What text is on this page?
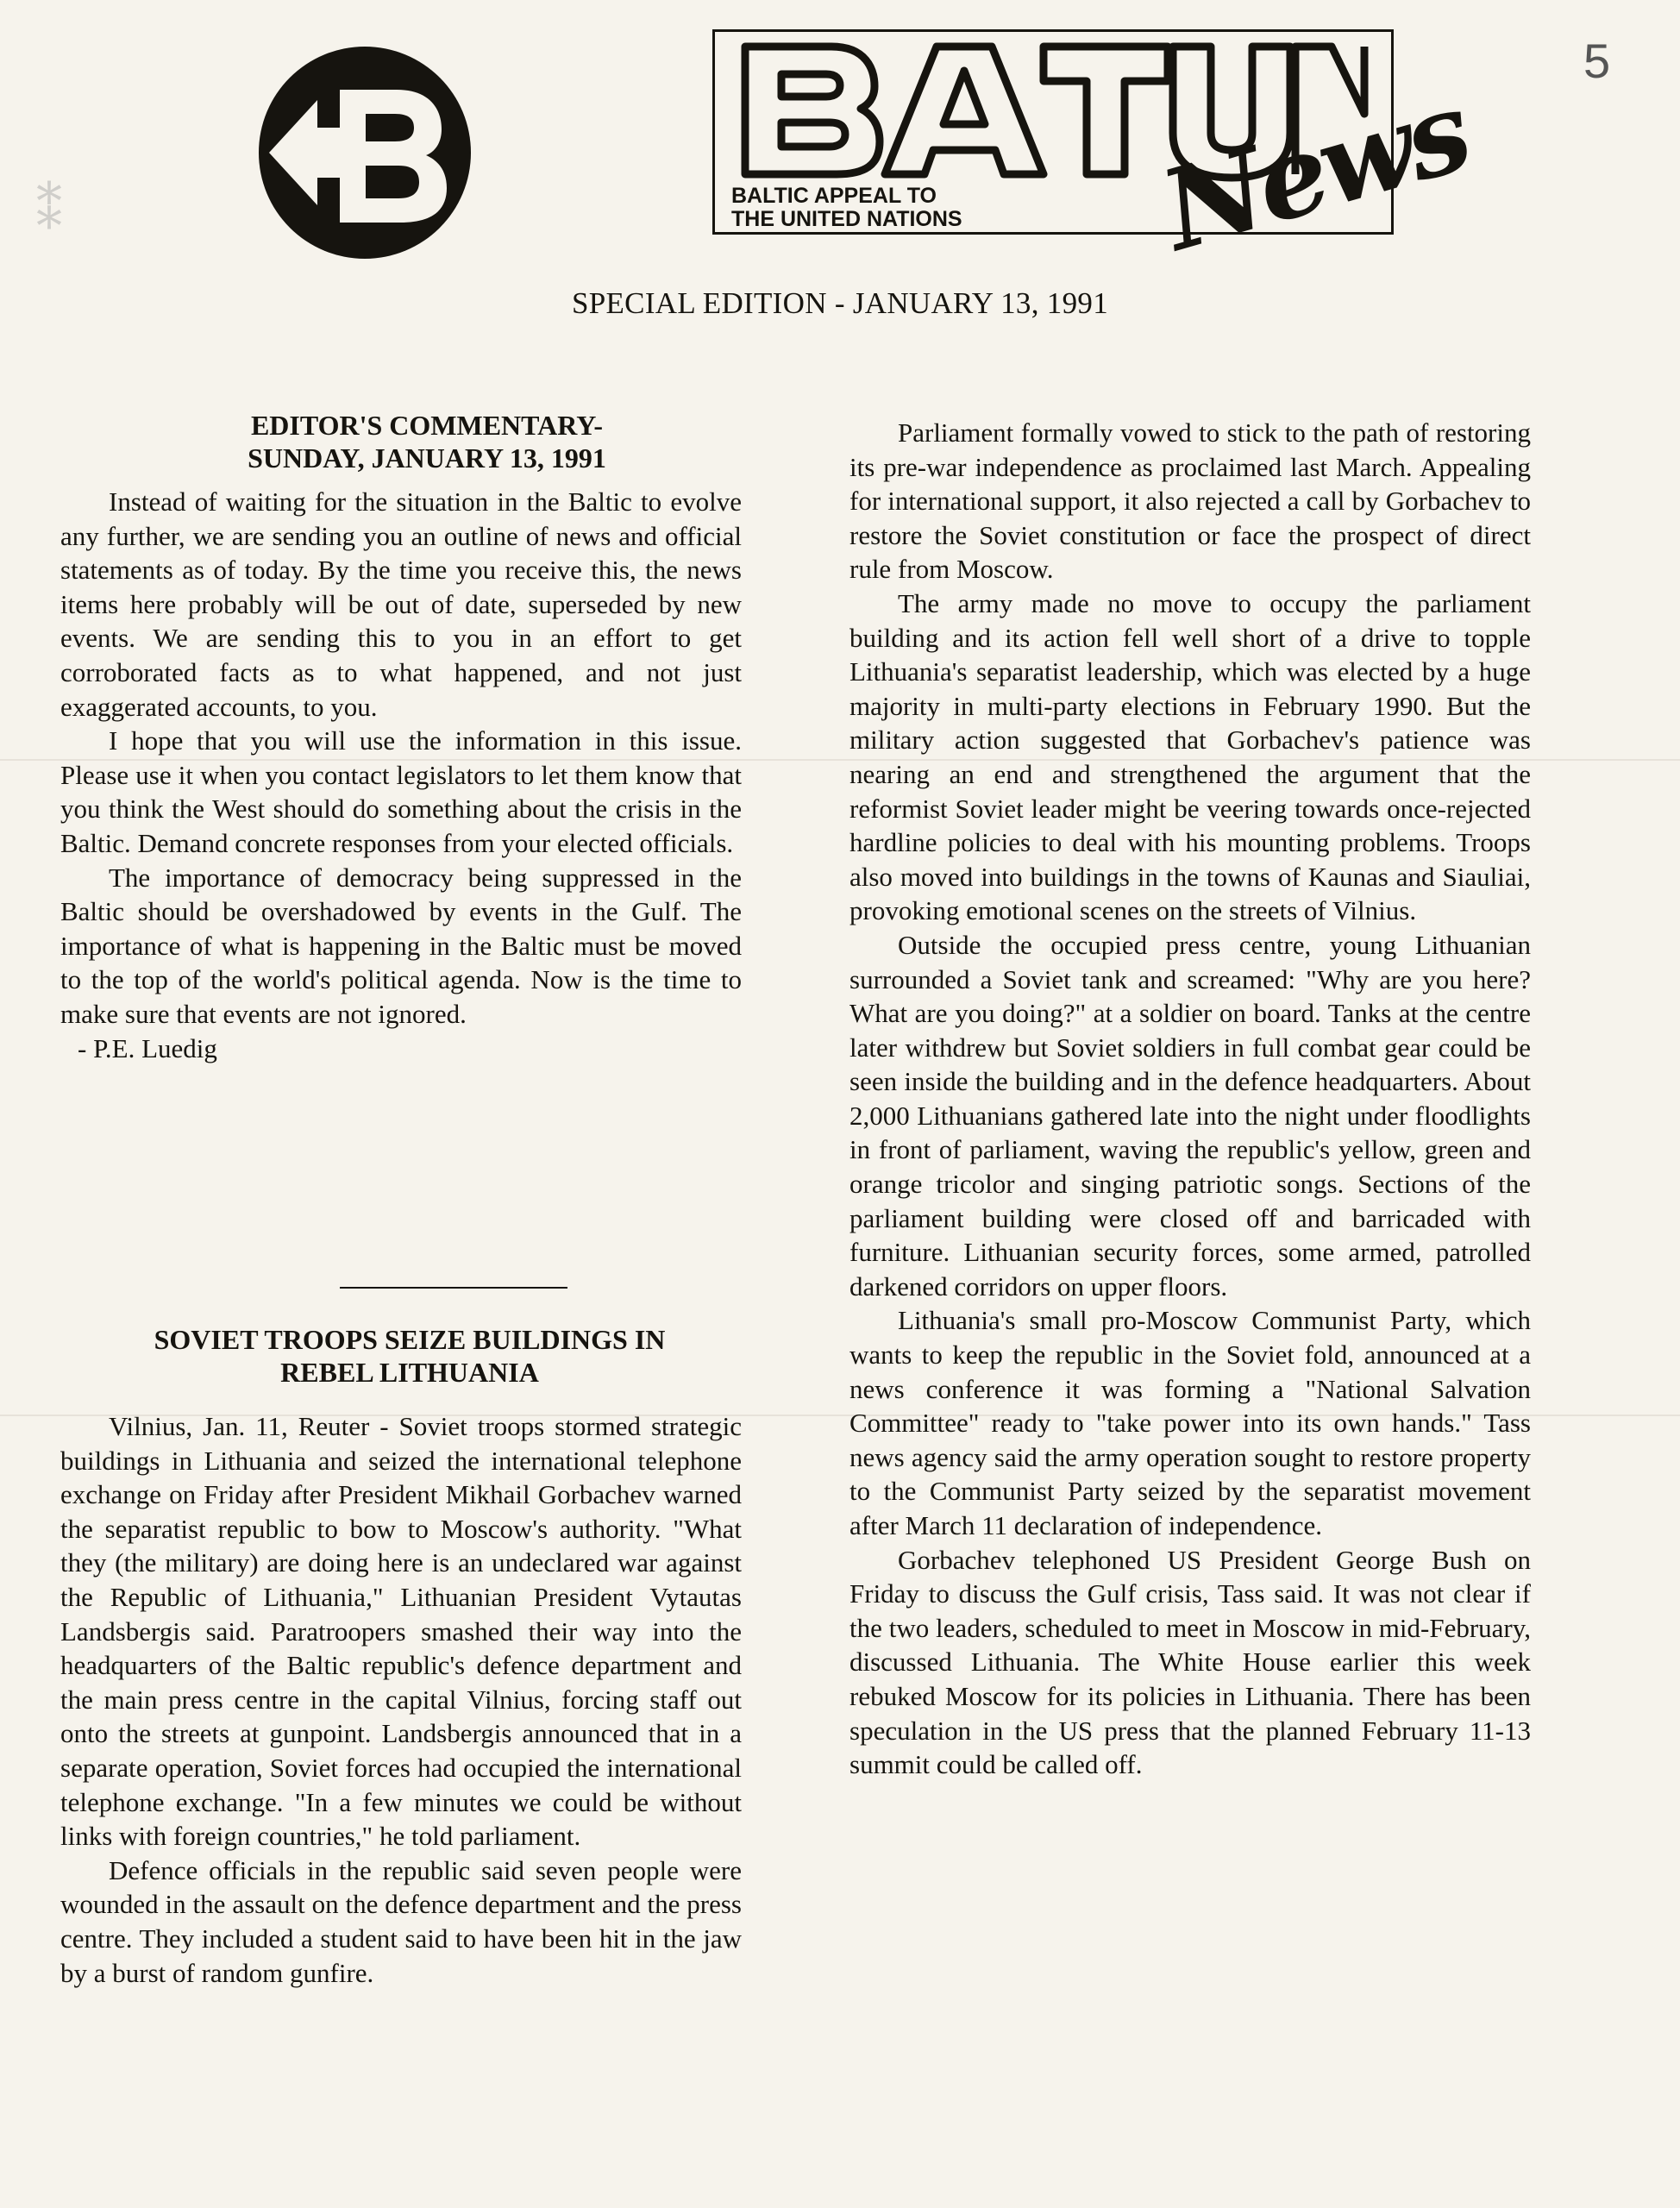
⁑	News
BALTIC APPEAL TO
THE UNITED NATIONS
5
SPECIAL EDITION - JANUARY 13, 1991
EDITOR'S COMMENTARY-
SUNDAY, JANUARY 13, 1991

Instead of waiting for the situation in the Baltic to evolve any further, we are sending you an outline of news and official statements as of today. By the time you receive this, the news items here probably will be out of date, superseded by new events. We are sending this to you in an effort to get corroborated facts as to what happened, and not just exaggerated accounts, to you.

I hope that you will use the information in this issue. Please use it when you contact legislators to let them know that you think the West should do something about the crisis in the Baltic. Demand concrete responses from your elected officials.

The importance of democracy being suppressed in the Baltic should be overshadowed by events in the Gulf. The importance of what is happening in the Baltic must be moved to the top of the world's political agenda. Now is the time to make sure that events are not ignored.

- P.E. Luedig

SOVIET TROOPS SEIZE BUILDINGS IN
REBEL LITHUANIA

Vilnius, Jan. 11, Reuter - Soviet troops stormed strategic buildings in Lithuania and seized the international telephone exchange on Friday after President Mikhail Gorbachev warned the separatist republic to bow to Moscow's authority. "What they (the military) are doing here is an undeclared war against the Republic of Lithuania," Lithuanian President Vytautas Landsbergis said. Paratroopers smashed their way into the headquarters of the Baltic republic's defence department and the main press centre in the capital Vilnius, forcing staff out onto the streets at gunpoint. Landsbergis announced that in a separate operation, Soviet forces had occupied the international telephone exchange. "In a few minutes we could be without links with foreign countries," he told parliament.

Defence officials in the republic said seven people were wounded in the assault on the defence department and the press centre. They included a student said to have been hit in the jaw by a burst of random gunfire.

Parliament formally vowed to stick to the path of restoring its pre-war independence as proclaimed last March. Appealing for international support, it also rejected a call by Gorbachev to restore the Soviet constitution or face the prospect of direct rule from Moscow.

The army made no move to occupy the parliament building and its action fell well short of a drive to topple Lithuania's separatist leadership, which was elected by a huge majority in multi-party elections in February 1990. But the military action suggested that Gorbachev's patience was nearing an end and strengthened the argument that the reformist Soviet leader might be veering towards once-rejected hardline policies to deal with his mounting problems. Troops also moved into buildings in the towns of Kaunas and Siauliai, provoking emotional scenes on the streets of Vilnius.

Outside the occupied press centre, young Lithuanian surrounded a Soviet tank and screamed: "Why are you here? What are you doing?" at a soldier on board. Tanks at the centre later withdrew but Soviet soldiers in full combat gear could be seen inside the building and in the defence headquarters. About 2,000 Lithuanians gathered late into the night under floodlights in front of parliament, waving the republic's yellow, green and orange tricolor and singing patriotic songs. Sections of the parliament building were closed off and barricaded with furniture. Lithuanian security forces, some armed, patrolled darkened corridors on upper floors.

Lithuania's small pro-Moscow Communist Party, which wants to keep the republic in the Soviet fold, announced at a news conference it was forming a "National Salvation Committee" ready to "take power into its own hands." Tass news agency said the army operation sought to restore property to the Communist Party seized by the separatist movement after March 11 declaration of independence.

Gorbachev telephoned US President George Bush on Friday to discuss the Gulf crisis, Tass said. It was not clear if the two leaders, scheduled to meet in Moscow in mid-February, discussed Lithuania. The White House earlier this week rebuked Moscow for its policies in Lithuania. There has been speculation in the US press that the planned February 11-13 summit could be called off.
